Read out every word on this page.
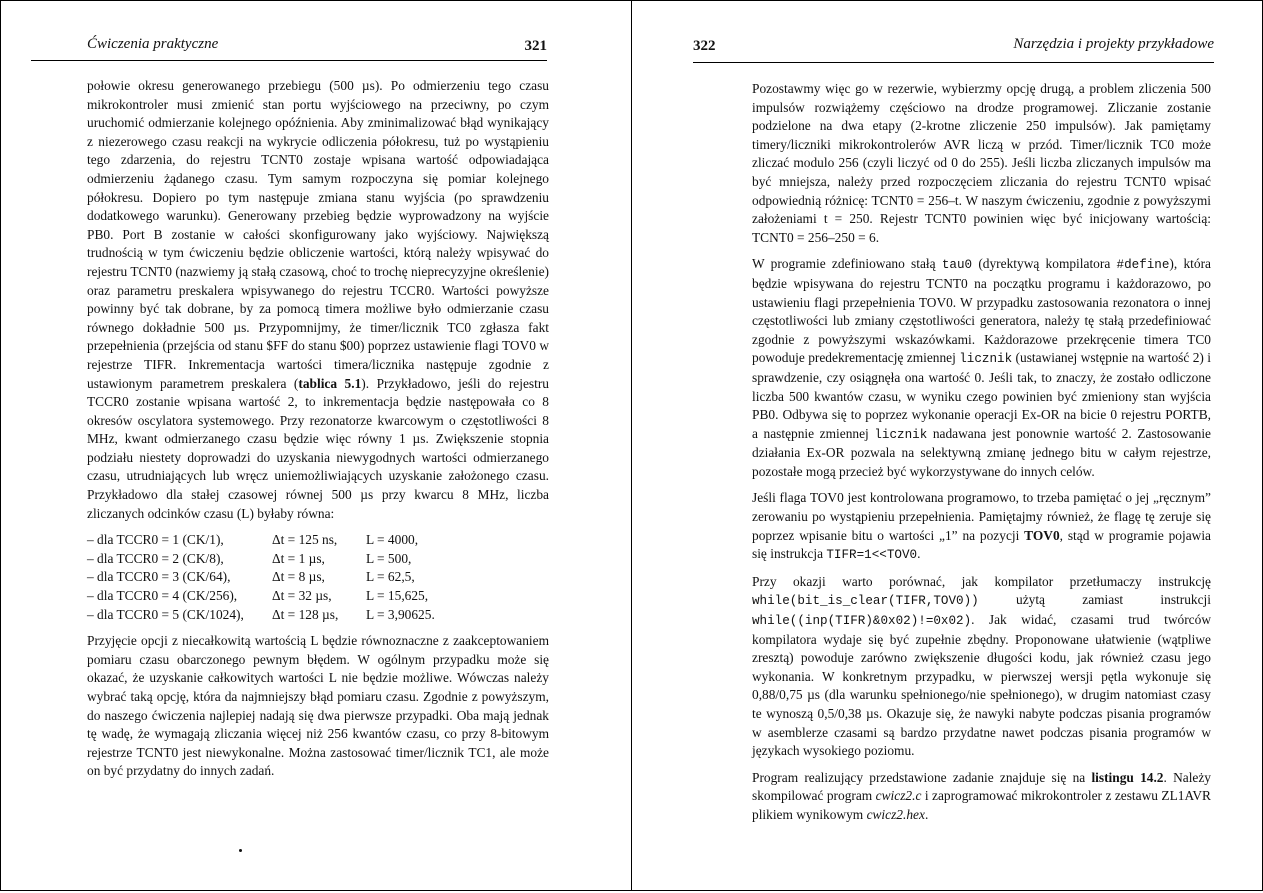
Ćwiczenia praktyczne	321

połowie okresu generowanego przebiegu (500 µs). Po odmierzeniu tego czasu mikrokontroler musi zmienić stan portu wyjściowego na przeciwny, po czym uruchomić odmierzanie kolejnego opóźnienia. Aby zminimalizować błąd wynikający z niezerowego czasu reakcji na wykrycie odliczenia półokresu, tuż po wystąpieniu tego zdarzenia, do rejestru TCNT0 zostaje wpisana wartość odpowiadająca odmierzeniu żądanego czasu. Tym samym rozpoczyna się pomiar kolejnego półokresu. Dopiero po tym następuje zmiana stanu wyjścia (po sprawdzeniu dodatkowego warunku). Generowany przebieg będzie wyprowadzony na wyjście PB0. Port B zostanie w całości skonfigurowany jako wyjściowy. Największą trudnością w tym ćwiczeniu będzie obliczenie wartości, którą należy wpisywać do rejestru TCNT0 (nazwiemy ją stałą czasową, choć to trochę nieprecyzyjne określenie) oraz parametru preskalera wpisywanego do rejestru TCCR0. Wartości powyższe powinny być tak dobrane, by za pomocą timera możliwe było odmierzanie czasu równego dokładnie 500 µs. Przypomnijmy, że timer/licznik TC0 zgłasza fakt przepełnienia (przejścia od stanu $FF do stanu $00) poprzez ustawienie flagi TOV0 w rejestrze TIFR. Inkrementacja wartości timera/licznika następuje zgodnie z ustawionym parametrem preskalera (tablica 5.1). Przykładowo, jeśli do rejestru TCCR0 zostanie wpisana wartość 2, to inkrementacja będzie następowała co 8 okresów oscylatora systemowego. Przy rezonatorze kwarcowym o częstotliwości 8 MHz, kwant odmierzanego czasu będzie więc równy 1 µs. Zwiększenie stopnia podziału niestety doprowadzi do uzyskania niewygodnych wartości odmierzanego czasu, utrudniających lub wręcz uniemożliwiających uzyskanie założonego czasu. Przykładowo dla stałej czasowej równej 500 µs przy kwarcu 8 MHz, liczba zliczanych odcinków czasu (L) byłaby równa:

– dla TCCR0 = 1 (CK/1),	Δt = 125 ns,	L = 4000,
– dla TCCR0 = 2 (CK/8),	Δt = 1 µs,	L = 500,
– dla TCCR0 = 3 (CK/64),	Δt = 8 µs,	L = 62,5,
– dla TCCR0 = 4 (CK/256),	Δt = 32 µs,	L = 15,625,
– dla TCCR0 = 5 (CK/1024),	Δt = 128 µs,	L = 3,90625.

Przyjęcie opcji z niecałkowitą wartością L będzie równoznaczne z zaakceptowaniem pomiaru czasu obarczonego pewnym błędem. W ogólnym przypadku może się okazać, że uzyskanie całkowitych wartości L nie będzie możliwe. Wówczas należy wybrać taką opcję, która da najmniejszy błąd pomiaru czasu. Zgodnie z powyższym, do naszego ćwiczenia najlepiej nadają się dwa pierwsze przypadki. Oba mają jednak tę wadę, że wymagają zliczania więcej niż 256 kwantów czasu, co przy 8-bitowym rejestrze TCNT0 jest niewykonalne. Można zastosować timer/licznik TC1, ale może on być przydatny do innych zadań.

322	Narzędzia i projekty przykładowe

Pozostawmy więc go w rezerwie, wybierzmy opcję drugą, a problem zliczenia 500 impulsów rozwiążemy częściowo na drodze programowej. Zliczanie zostanie podzielone na dwa etapy (2-krotne zliczenie 250 impulsów). Jak pamiętamy timery/liczniki mikrokontrolerów AVR liczą w przód. Timer/licznik TC0 może zliczać modulo 256 (czyli liczyć od 0 do 255). Jeśli liczba zliczanych impulsów ma być mniejsza, należy przed rozpoczęciem zliczania do rejestru TCNT0 wpisać odpowiednią różnicę: TCNT0 = 256–t. W naszym ćwiczeniu, zgodnie z powyższymi założeniami t = 250. Rejestr TCNT0 powinien więc być inicjowany wartością: TCNT0 = 256–250 = 6.

W programie zdefiniowano stałą tau0 (dyrektywą kompilatora #define), która będzie wpisywana do rejestru TCNT0 na początku programu i każdorazowo, po ustawieniu flagi przepełnienia TOV0. W przypadku zastosowania rezonatora o innej częstotliwości lub zmiany częstotliwości generatora, należy tę stałą przedefiniować zgodnie z powyższymi wskazówkami. Każdorazowe przekręcenie timera TC0 powoduje predekrementację zmiennej licznik (ustawianej wstępnie na wartość 2) i sprawdzenie, czy osiągnęła ona wartość 0. Jeśli tak, to znaczy, że zostało odliczone liczba 500 kwantów czasu, w wyniku czego powinien być zmieniony stan wyjścia PB0. Odbywa się to poprzez wykonanie operacji Ex-OR na bicie 0 rejestru PORTB, a następnie zmiennej licznik nadawana jest ponownie wartość 2. Zastosowanie działania Ex-OR pozwala na selektywną zmianę jednego bitu w całym rejestrze, pozostałe mogą przecież być wykorzystywane do innych celów.

Jeśli flaga TOV0 jest kontrolowana programowo, to trzeba pamiętać o jej „ręcznym” zerowaniu po wystąpieniu przepełnienia. Pamiętajmy również, że flagę tę zeruje się poprzez wpisanie bitu o wartości „1” na pozycji TOV0, stąd w programie pojawia się instrukcja TIFR=1<<TOV0.

Przy okazji warto porównać, jak kompilator przetłumaczy instrukcję while(bit_is_clear(TIFR,TOV0)) użytą zamiast instrukcji while((inp(TIFR)&0x02)!=0x02). Jak widać, czasami trud twórców kompilatora wydaje się być zupełnie zbędny. Proponowane ułatwienie (wątpliwe zresztą) powoduje zarówno zwiększenie długości kodu, jak również czasu jego wykonania. W konkretnym przypadku, w pierwszej wersji pętla wykonuje się 0,88/0,75 µs (dla warunku spełnionego/nie spełnionego), w drugim natomiast czasy te wynoszą 0,5/0,38 µs. Okazuje się, że nawyki nabyte podczas pisania programów w asemblerze czasami są bardzo przydatne nawet podczas pisania programów w językach wysokiego poziomu.

Program realizujący przedstawione zadanie znajduje się na listingu 14.2. Należy skompilować program cwicz2.c i zaprogramować mikrokontroler z zestawu ZL1AVR plikiem wynikowym cwicz2.hex.
